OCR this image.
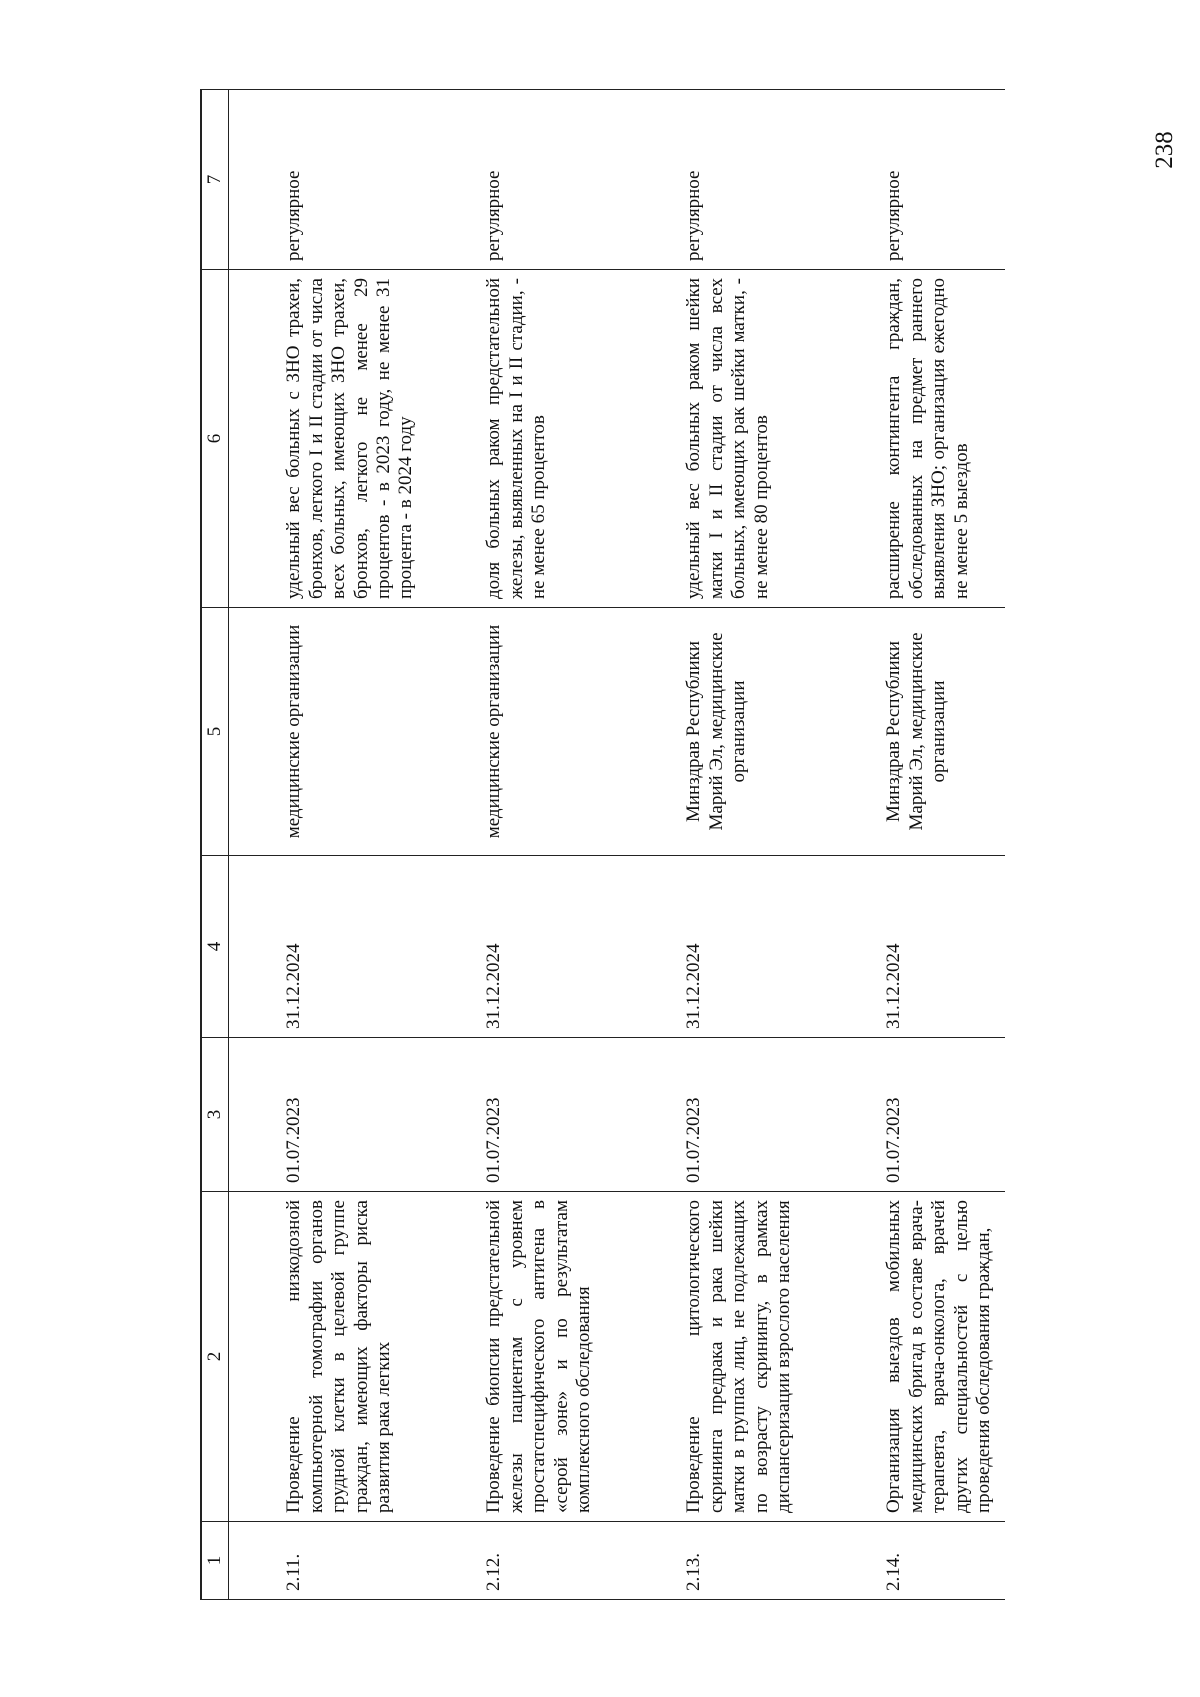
238
1	2	3	4	5	6	7
2.11.	Проведение низкодозной компьютерной томографии органов грудной клетки в целевой группе граждан, имеющих факторы риска развития рака легких	01.07.2023	31.12.2024	медицинские организации	удельный вес больных с ЗНО трахеи, бронхов, легкого I и II стадии от числа всех больных, имеющих ЗНО трахеи, бронхов, легкого не менее 29 процентов - в 2023 году, не менее 31 процента - в 2024 году	регулярное
2.12.	Проведение биопсии предстательной железы пациентам с уровнем простатспецифического антигена в «серой зоне» и по результатам комплексного обследования	01.07.2023	31.12.2024	медицинские организации	доля больных раком предстательной железы, выявленных на I и II стадии, - не менее 65 процентов	регулярное
2.13.	Проведение цитологического скрининга предрака и рака шейки матки в группах лиц, не подлежащих по возрасту скринингу, в рамках диспансеризации взрослого населения	01.07.2023	31.12.2024	Минздрав Республики Марий Эл, медицинские организации	удельный вес больных раком шейки матки I и II стадии от числа всех больных, имеющих рак шейки матки, - не менее 80 процентов	регулярное
2.14.	Организация выездов мобильных медицинских бригад в составе врача-терапевта, врача-онколога, врачей других специальностей с целью проведения обследования граждан,	01.07.2023	31.12.2024	Минздрав Республики Марий Эл, медицинские организации	расширение контингента граждан, обследованных на предмет раннего выявления ЗНО; организация ежегодно не менее 5 выездов	регулярное
